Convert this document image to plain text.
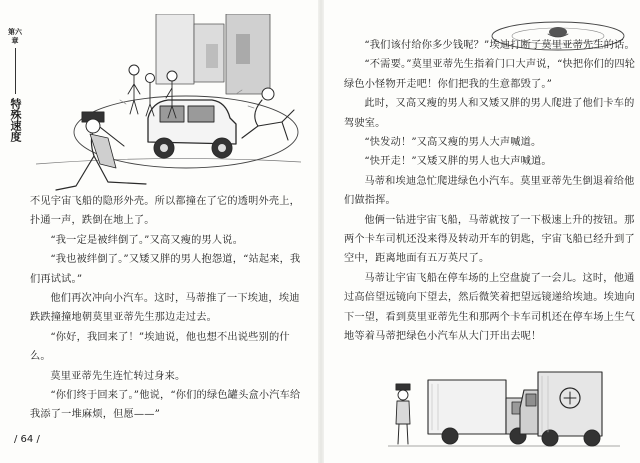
第六章
特殊速度

不见宇宙飞船的隐形外壳。所以都撞在了它的透明外壳上，扑通一声，跌倒在地上了。

“我一定是被绊倒了。”又高又瘦的男人说。

“我也被绊倒了。”又矮又胖的男人抱怨道，“站起来，我们再试试。”

他们再次冲向小汽车。这时，马蒂推了一下埃迪，埃迪跌跌撞撞地朝莫里亚蒂先生那边走过去。

“你好，我回来了！”埃迪说，他也想不出说些别的什么。

莫里亚蒂先生连忙转过身来。

“你们终于回来了。”他说，“你们的绿色罐头盒小汽车给我添了一堆麻烦，但愿——”

/ 64 /

“我们该付给你多少钱呢？”埃迪打断了莫里亚蒂先生的话。

“不需要。”莫里亚蒂先生指着门口大声说，“快把你们的四轮绿色小怪物开走吧！你们把我的生意都毁了。”

此时，又高又瘦的男人和又矮又胖的男人爬进了他们卡车的驾驶室。

“快发动！”又高又瘦的男人大声喊道。

“快开走！”又矮又胖的男人也大声喊道。

马蒂和埃迪急忙爬进绿色小汽车。莫里亚蒂先生倒退着给他们做指挥。

他俩一钻进宇宙飞船，马蒂就按了一下极速上升的按钮。那两个卡车司机还没来得及转动开车的钥匙，宇宙飞船已经升到了空中，距离地面有五万英尺了。

马蒂让宇宙飞船在停车场的上空盘旋了一会儿。这时，他通过高倍望远镜向下望去，然后微笑着把望远镜递给埃迪。埃迪向下一望，看到莫里亚蒂先生和那两个卡车司机还在停车场上生气地等着马蒂把绿色小汽车从大门开出去呢！
